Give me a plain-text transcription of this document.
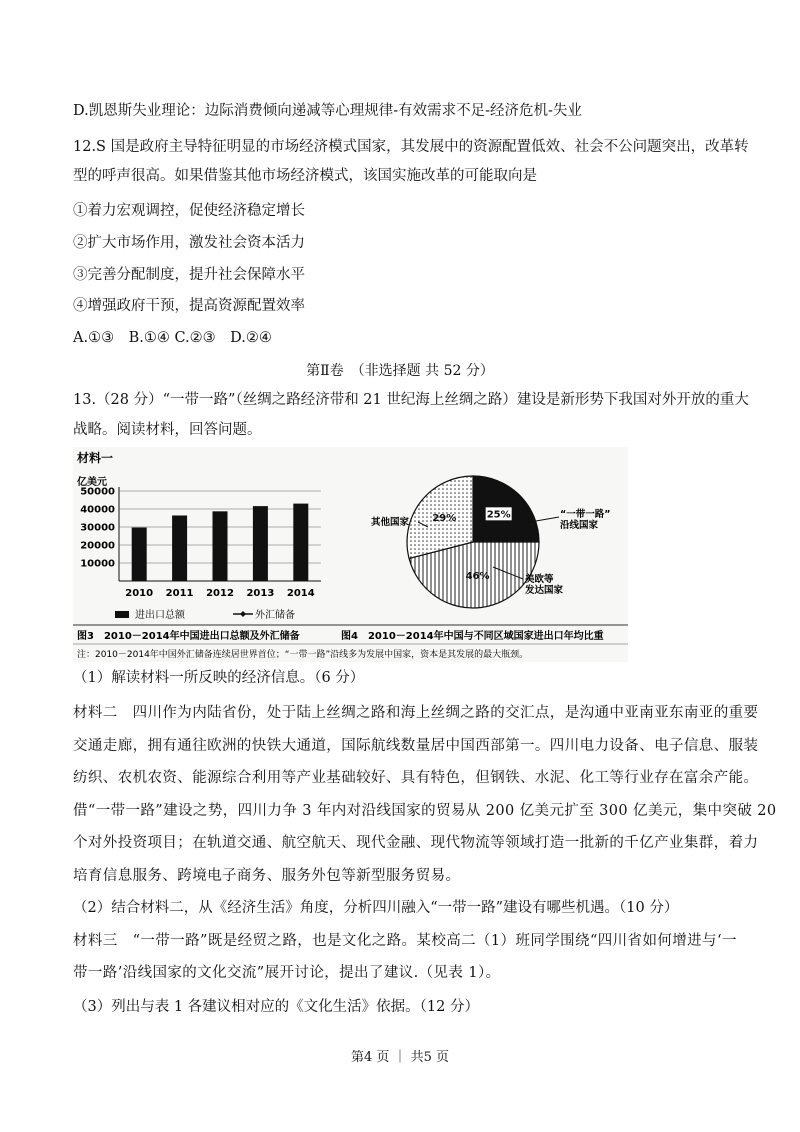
D.凯恩斯失业理论：边际消费倾向递减等心理规律-有效需求不足-经济危机-失业
12.S 国是政府主导特征明显的市场经济模式国家，其发展中的资源配置低效、社会不公问题突出，改革转
型的呼声很高。如果借鉴其他市场经济模式，该国实施改革的可能取向是
①着力宏观调控，促使经济稳定增长
②扩大市场作用，激发社会资本活力
③完善分配制度，提升社会保障水平
④增强政府干预，提高资源配置效率
A.①③　B.①④ C.②③　D.②④
第Ⅱ卷　（非选择题 共 52 分）
13.（28 分）“一带一路”（丝绸之路经济带和 21 世纪海上丝绸之路）建设是新形势下我国对外开放的重大
战略。阅读材料，回答问题。
材料一
亿美元
10000
20000
30000
40000
50000
2010 2011 2012 2013 2014
25%
46%
29%	“一带一路”
沿线国家
美欧等
发达国家
其他国家
进出口总额	外汇储备
图3　2010－2014年中国进出口总额及外汇储备	图4　2010－2014年中国与不同区域国家进出口年均比重
注：2010－2014年中国外汇储备连续居世界首位；“一带一路”沿线多为发展中国家，资本是其发展的最大瓶颈。
（1）解读材料一所反映的经济信息。（6 分）
材料二　四川作为内陆省份，处于陆上丝绸之路和海上丝绸之路的交汇点，是沟通中亚南亚东南亚的重要
交通走廊，拥有通往欧洲的快铁大通道，国际航线数量居中国西部第一。四川电力设备、电子信息、服装
纺织、农机农资、能源综合利用等产业基础较好、具有特色，但钢铁、水泥、化工等行业存在富余产能。
借“一带一路”建设之势，四川力争 3 年内对沿线国家的贸易从 200 亿美元扩至 300 亿美元，集中突破 20
个对外投资项目；在轨道交通、航空航天、现代金融、现代物流等领域打造一批新的千亿产业集群，着力
培育信息服务、跨境电子商务、服务外包等新型服务贸易。
（2）结合材料二，从《经济生活》角度，分析四川融入“一带一路”建设有哪些机遇。（10 分）
材料三　“一带一路”既是经贸之路，也是文化之路。某校高二（1）班同学围绕“四川省如何增进与‘一
带一路’沿线国家的文化交流”展开讨论，提出了建议.（见表 1）。
（3）列出与表 1 各建议相对应的《文化生活》依据。（12 分）
第4 页 ｜ 共5 页
